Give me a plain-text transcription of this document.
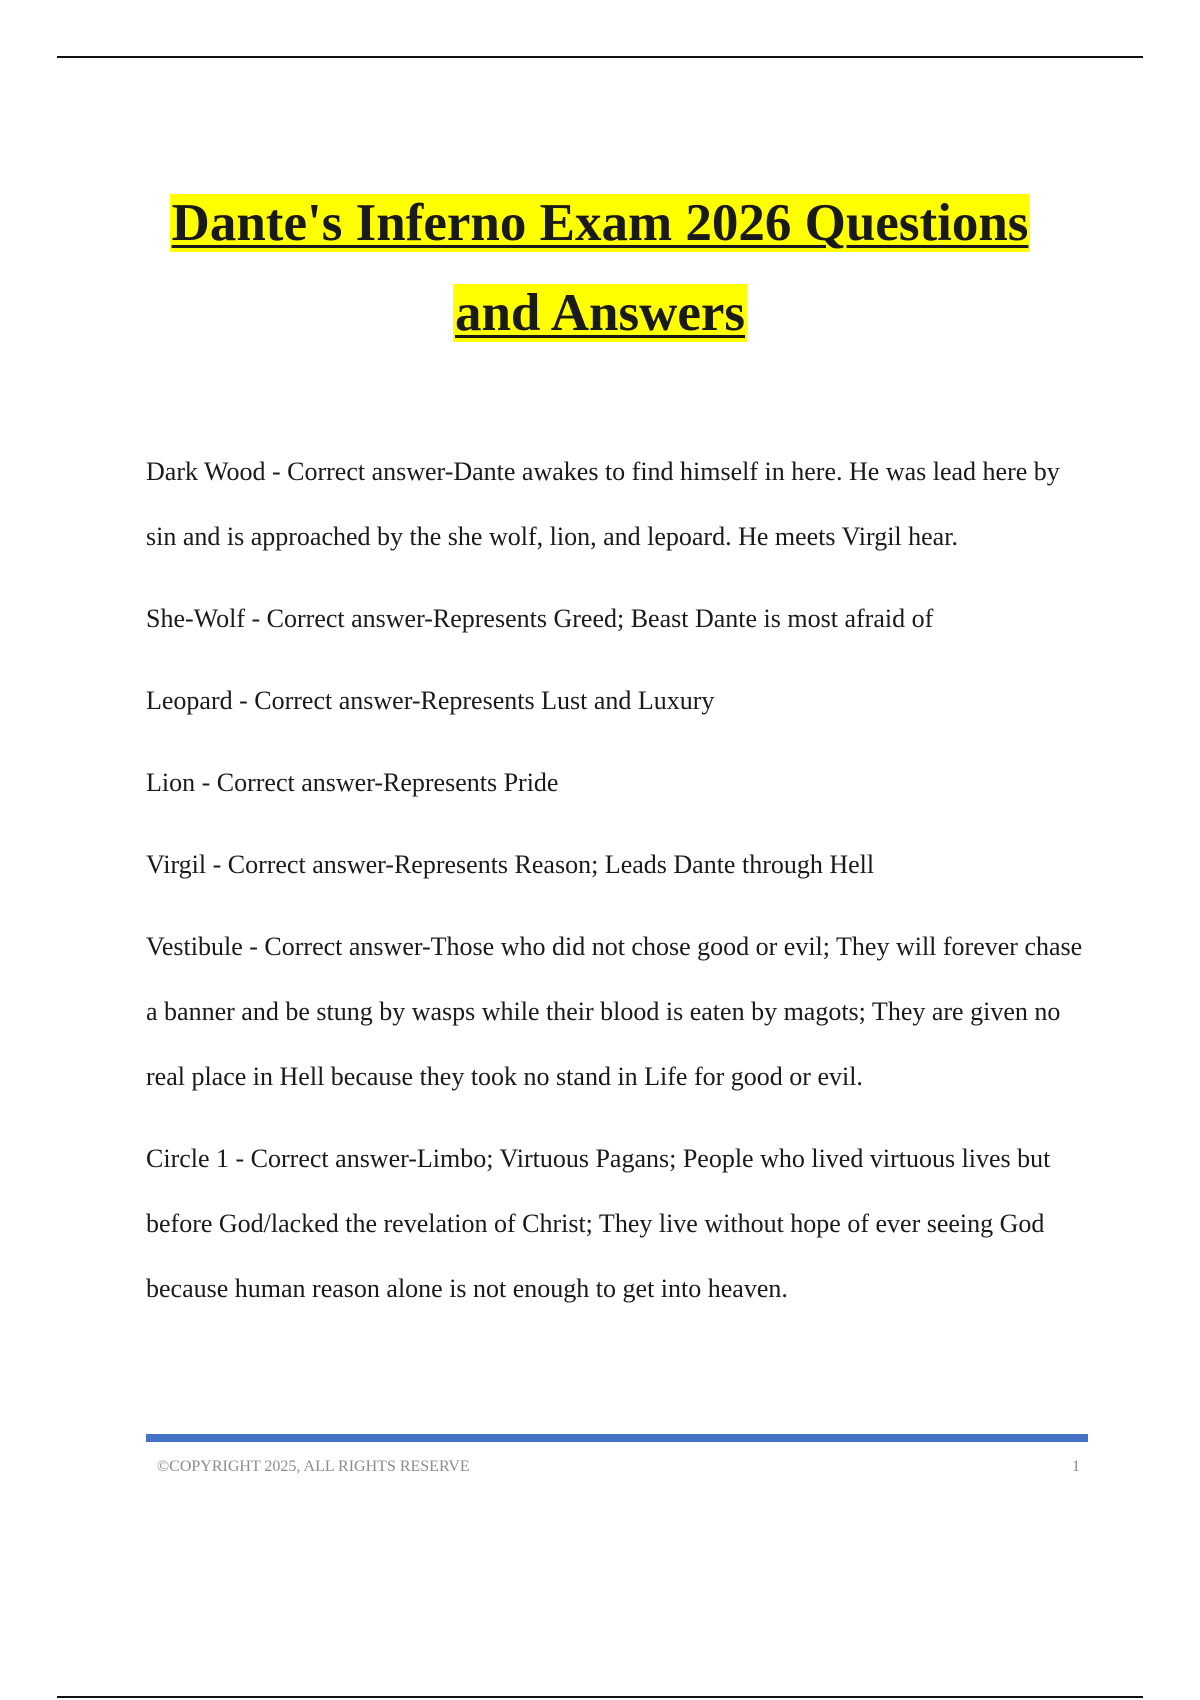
Dante's Inferno Exam 2026 Questions
and Answers

Dark Wood - Correct answer-Dante awakes to find himself in here. He was lead here by sin and is approached by the she wolf, lion, and lepoard. He meets Virgil hear.

She-Wolf - Correct answer-Represents Greed; Beast Dante is most afraid of

Leopard - Correct answer-Represents Lust and Luxury

Lion - Correct answer-Represents Pride

Virgil - Correct answer-Represents Reason; Leads Dante through Hell

Vestibule - Correct answer-Those who did not chose good or evil; They will forever chase a banner and be stung by wasps while their blood is eaten by magots; They are given no real place in Hell because they took no stand in Life for good or evil.

Circle 1 - Correct answer-Limbo; Virtuous Pagans; People who lived virtuous lives but before God/lacked the revelation of Christ; They live without hope of ever seeing God because human reason alone is not enough to get into heaven.

©COPYRIGHT 2025, ALL RIGHTS RESERVE	1
